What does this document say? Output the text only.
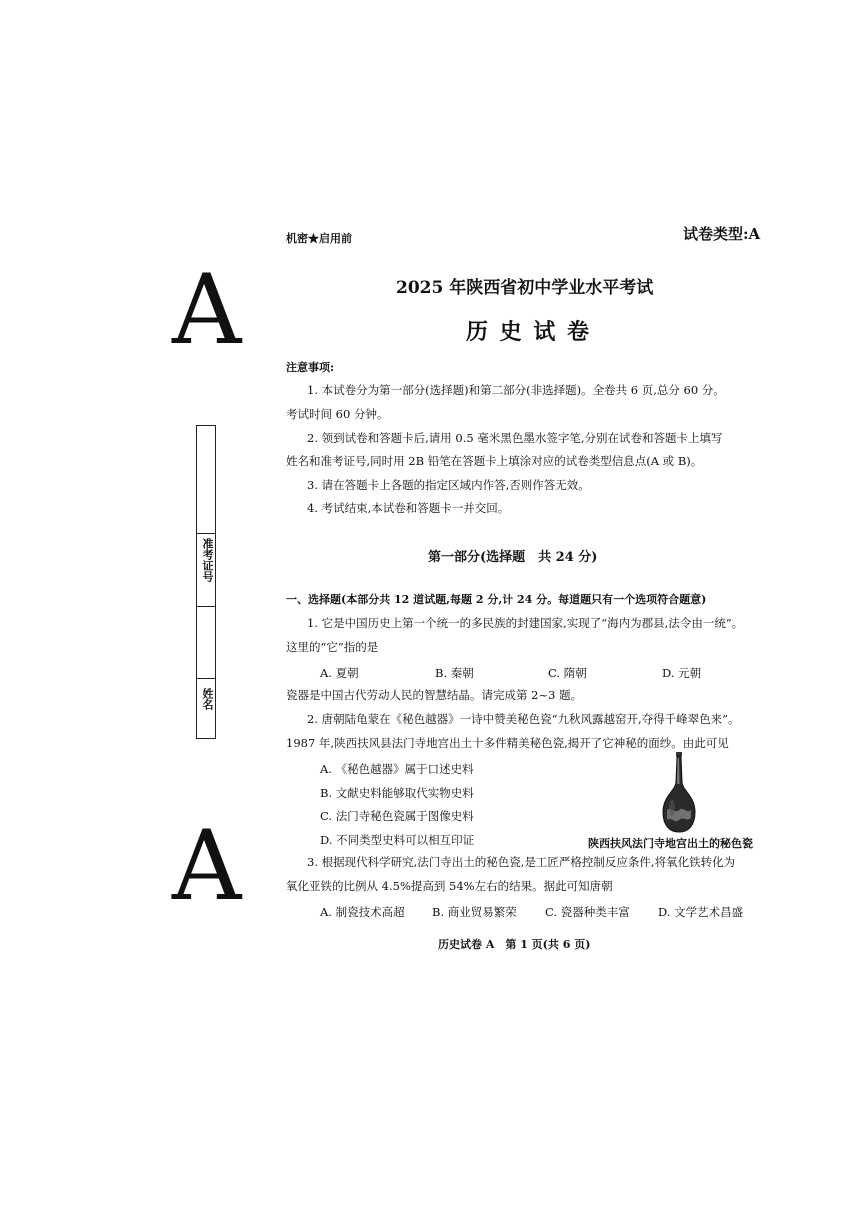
机密★启用前	试卷类型:A
A
A
2025 年陕西省初中学业水平考试
历 史 试 卷
注意事项:
1. 本试卷分为第一部分(选择题)和第二部分(非选择题)。全卷共 6 页,总分 60 分。
考试时间 60 分钟。
2. 领到试卷和答题卡后,请用 0.5 毫米黑色墨水签字笔,分别在试卷和答题卡上填写
姓名和准考证号,同时用 2B 铅笔在答题卡上填涂对应的试卷类型信息点(A 或 B)。
3. 请在答题卡上各题的指定区域内作答,否则作答无效。
4. 考试结束,本试卷和答题卡一并交回。
准考证号
姓名
第一部分(选择题　共 24 分)
一、选择题(本部分共 12 道试题,每题 2 分,计 24 分。每道题只有一个选项符合题意)
1. 它是中国历史上第一个统一的多民族的封建国家,实现了“海内为郡县,法令由一统”。
这里的“它”指的是
A. 夏朝	B. 秦朝	C. 隋朝	D. 元朝
瓷器是中国古代劳动人民的智慧结晶。请完成第 2~3 题。
2. 唐朝陆龟蒙在《秘色越器》一诗中赞美秘色瓷“九秋风露越窑开,夺得千峰翠色来”。
1987 年,陕西扶风县法门寺地宫出土十多件精美秘色瓷,揭开了它神秘的面纱。由此可见
A. 《秘色越器》属于口述史料
B. 文献史料能够取代实物史料
C. 法门寺秘色瓷属于图像史料
D. 不同类型史料可以相互印证	陕西扶风法门寺地宫出土的秘色瓷
3. 根据现代科学研究,法门寺出土的秘色瓷,是工匠严格控制反应条件,将氧化铁转化为
氧化亚铁的比例从 4.5%提高到 54%左右的结果。据此可知唐朝
A. 制瓷技术高超 B. 商业贸易繁荣 C. 瓷器种类丰富 D. 文学艺术昌盛
历史试卷 A　第 1 页(共 6 页)
